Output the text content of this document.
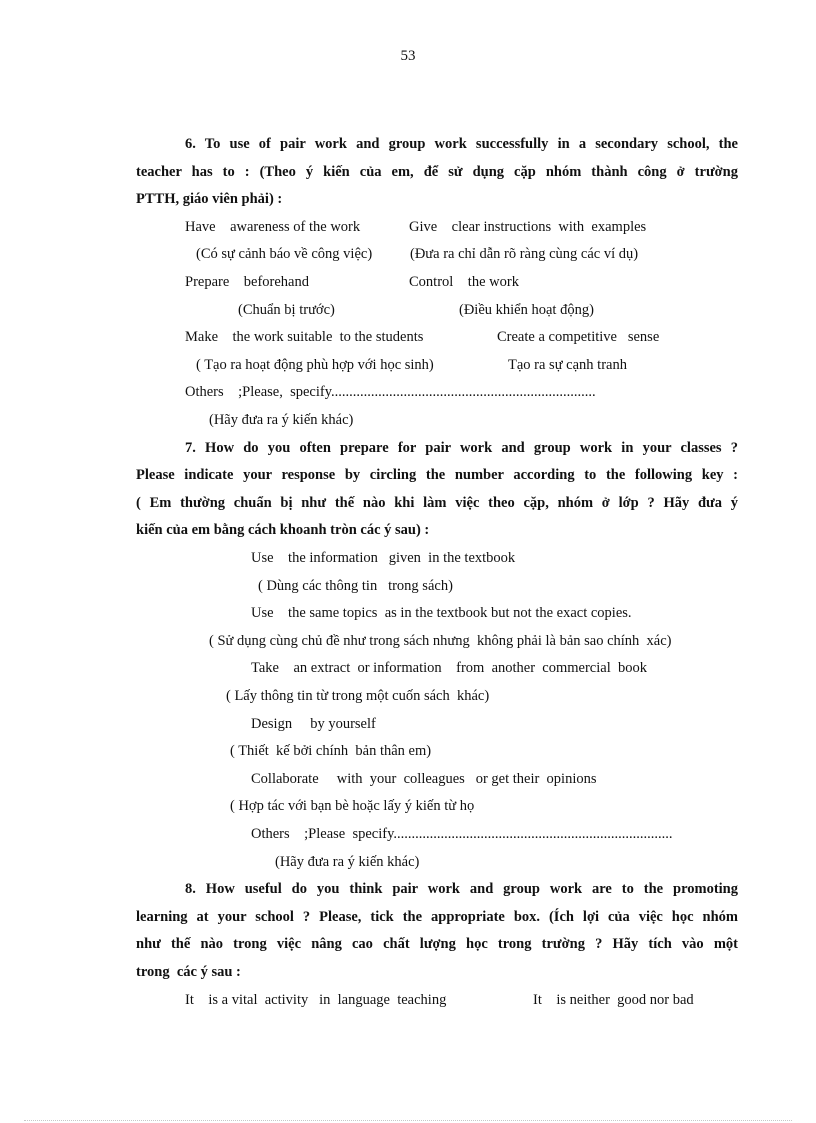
53
6. To use of pair work and group work successfully in a secondary school, the
teacher has to : (Theo ý kiến của em, để sử dụng cặp nhóm thành công ở trường
PTTH, giáo viên phải) :
Have    awareness of the work	Give    clear instructions  with  examples
(Có sự cảnh báo về công việc)	(Đưa ra chỉ dẫn rõ ràng cùng các ví dụ)
Prepare    beforehand	Control    the work
(Chuẩn bị trước)	(Điều khiển hoạt động)
Make    the work suitable  to the students	Create a competitive   sense
( Tạo ra hoạt động phù hợp với học sinh)	Tạo ra sự cạnh tranh
Others    ;Please,  specify.........................................................................
(Hãy đưa ra ý kiến khác)
7. How do you often prepare for pair work and group work in your classes ?
Please indicate your response by circling the number according to the following key :
( Em thường chuẩn bị như thế nào khi làm việc theo cặp, nhóm ở lớp ? Hãy đưa ý
kiến của em bằng cách khoanh tròn các ý sau) :
Use    the information   given  in the textbook
( Dùng các thông tin   trong sách)
Use    the same topics  as in the textbook but not the exact copies.
( Sử dụng cùng chủ đề như trong sách nhưng  không phải là bản sao chính  xác)
Take    an extract  or information    from  another  commercial  book
( Lấy thông tin từ trong một cuốn sách  khác)
Design     by yourself
( Thiết  kế bởi chính  bản thân em)
Collaborate     with  your  colleagues   or get their  opinions
( Hợp tác với bạn bè hoặc lấy ý kiến từ họ
Others    ;Please  specify.............................................................................
(Hãy đưa ra ý kiến khác)
8. How useful do you think pair work and group work are to the promoting
learning at your school ? Please, tick the appropriate box. (Ích lợi của việc học nhóm
như thế nào trong việc nâng cao chất lượng học trong trường ? Hãy tích vào một
trong  các ý sau :
It    is a vital  activity   in  language  teaching	It    is neither  good nor bad
